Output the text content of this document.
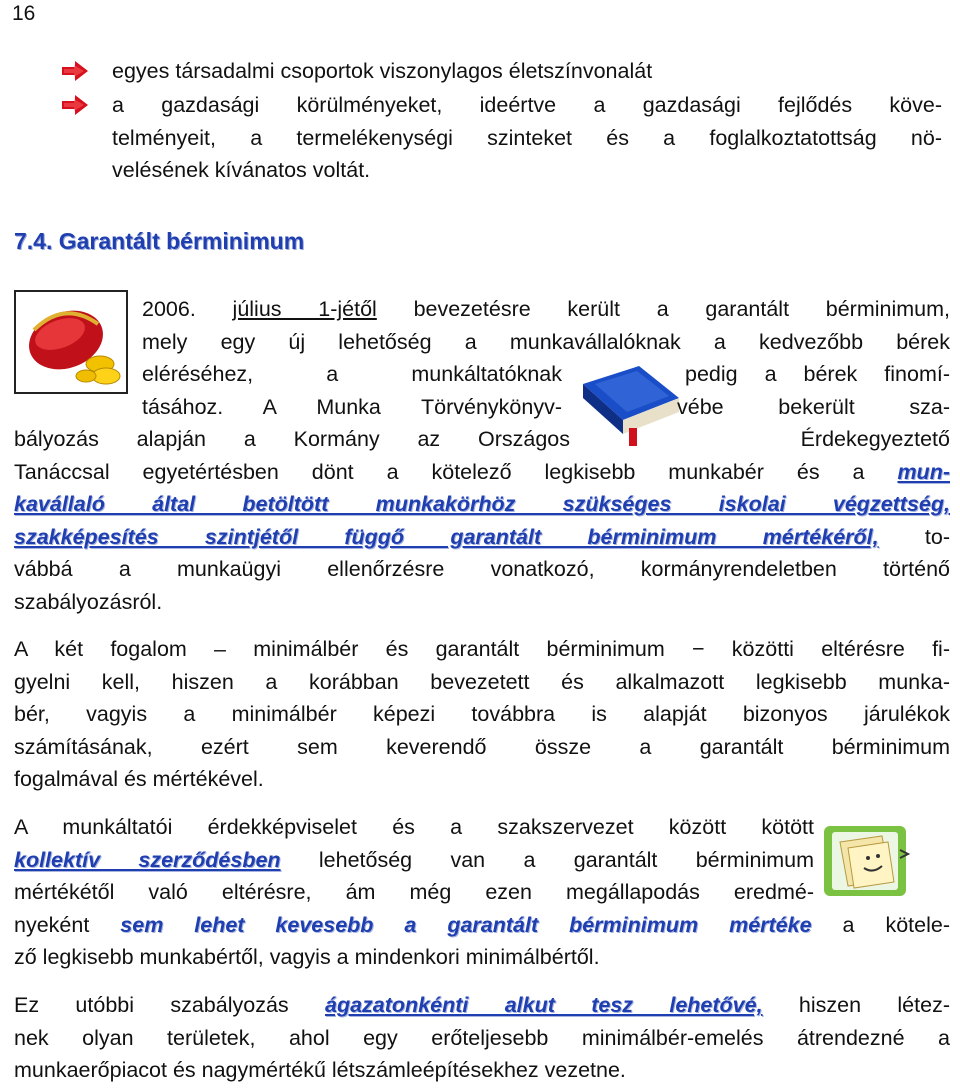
16
egyes társadalmi csoportok viszonylagos életszínvonalát
a gazdasági körülményeket, ideértve a gazdasági fejlődés köve-
telményeit, a termelékenységi szinteket és a foglalkoztatottság nö-
velésének kívánatos voltát.
7.4. Garantált bérminimum
2006. július 1-jétől bevezetésre került a garantált bérminimum,
mely egy új lehetőség a munkavállalóknak a kedvezőbb bérek
eléréséhez, a munkáltatóknak	pedig a bérek finomí-
tásához. A Munka Törvénykönyv-	vébe bekerült sza-
bályozás alapján a Kormány az Országos	Érdekegyeztető
Tanáccsal egyetértésben dönt a kötelező legkisebb munkabér és a mun-
kavállaló által betöltött munkakörhöz szükséges iskolai végzettség,
szakképesítés szintjétől függő garantált bérminimum mértékéről, to-
vábbá a munkaügyi ellenőrzésre vonatkozó, kormányrendeletben történő
szabályozásról.
A két fogalom – minimálbér és garantált bérminimum − közötti eltérésre fi-
gyelni kell, hiszen a korábban bevezetett és alkalmazott legkisebb munka-
bér, vagyis a minimálbér képezi továbbra is alapját bizonyos járulékok
számításának, ezért sem keverendő össze a garantált bérminimum
fogalmával és mértékével.
A munkáltatói érdekképviselet és a szakszervezet között kötött
kollektív szerződésben lehetőség van a garantált bérminimum
mértékétől való eltérésre, ám még ezen megállapodás eredmé-
nyeként sem lehet kevesebb a garantált bérminimum mértéke a kötele-
ző legkisebb munkabértől, vagyis a mindenkori minimálbértől.
Ez utóbbi szabályozás ágazatonkénti alkut tesz lehetővé, hiszen létez-
nek olyan területek, ahol egy erőteljesebb minimálbér-emelés átrendezné a
munkaerőpiacot és nagymértékű létszámleépítésekhez vezetne.
